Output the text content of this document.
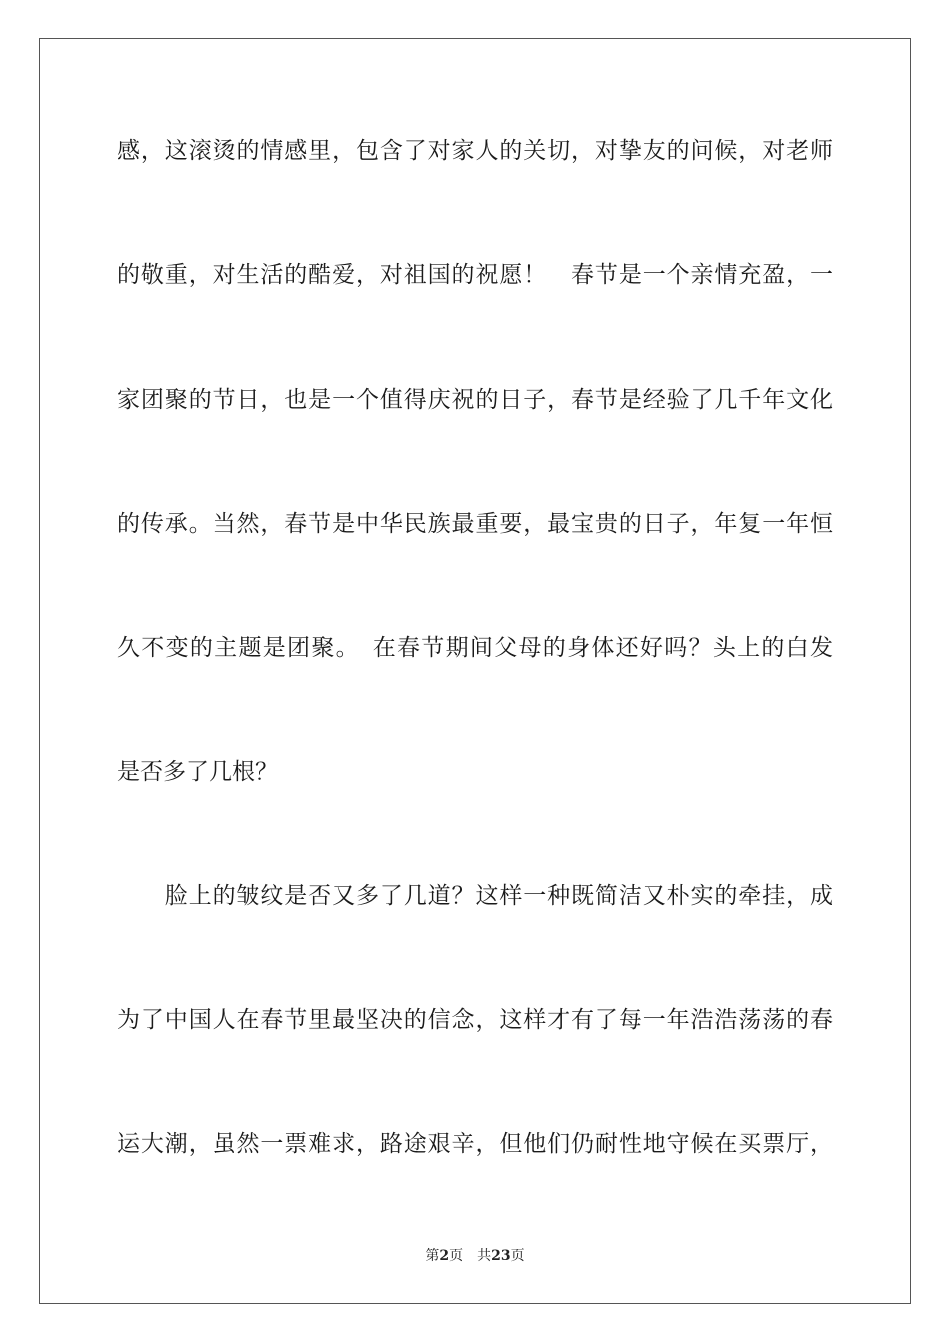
感，这滚烫的情感里，包含了对家人的关切，对挚友的问候，对老师
的敬重，对生活的酷爱，对祖国的祝愿！　春节是一个亲情充盈，一
家团聚的节日，也是一个值得庆祝的日子，春节是经验了几千年文化
的传承。当然，春节是中华民族最重要，最宝贵的日子，年复一年恒
久不变的主题是团聚。　在春节期间父母的身体还好吗？头上的白发
是否多了几根？
　　脸上的皱纹是否又多了几道？这样一种既简洁又朴实的牵挂，成
为了中国人在春节里最坚决的信念，这样才有了每一年浩浩荡荡的春
运大潮，虽然一票难求，路途艰辛，但他们仍耐性地守候在买票厅，
第2页　共23页
